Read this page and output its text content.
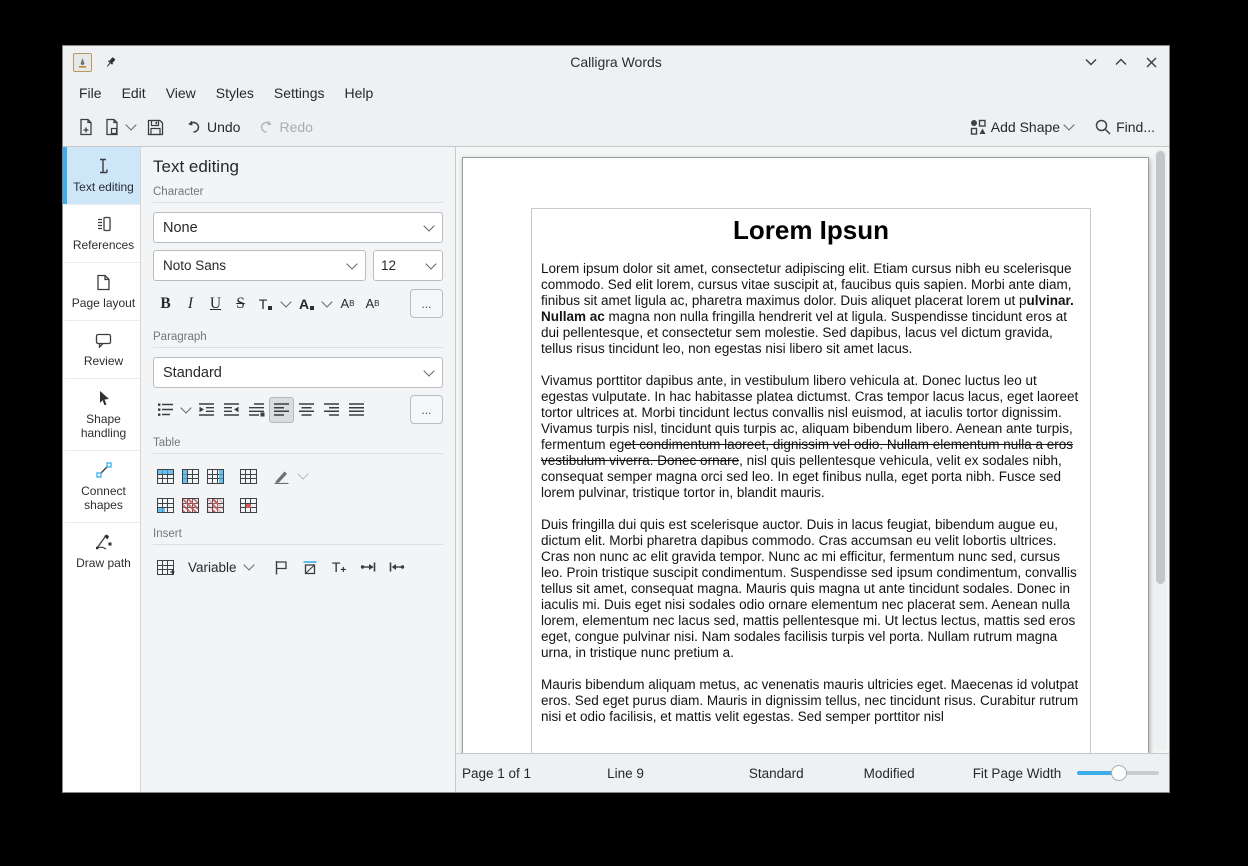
Calligra Words
File	Edit	View	Styles	Settings	Help
Undo	Redo	Add Shape	Find...
Text editing
References
Page layout
Review
Shape handling
Connect shapes
Draw path
Text editing
Character
None
Noto Sans	12
B	I	U S T A A B A B	...
Paragraph
Standard
...
Table
Insert
+ Variable	T +
Lorem Ipsun

Lorem ipsum dolor sit amet, consectetur adipiscing elit. Etiam cursus nibh eu scelerisque commodo. Sed elit lorem, cursus vitae suscipit at, faucibus quis sapien. Morbi ante diam, finibus sit amet ligula ac, pharetra maximus dolor. Duis aliquet placerat lorem ut pulvinar. Nullam ac magna non nulla fringilla hendrerit vel at ligula. Suspendisse tincidunt eros at dui pellentesque, et consectetur sem molestie. Sed dapibus, lacus vel dictum gravida, tellus risus tincidunt leo, non egestas nisi libero sit amet lacus.

Vivamus porttitor dapibus ante, in vestibulum libero vehicula at. Donec luctus leo ut egestas vulputate. In hac habitasse platea dictumst. Cras tempor lacus lacus, eget laoreet tortor ultrices at. Morbi tincidunt lectus convallis nisl euismod, at iaculis tortor dignissim. Vivamus turpis nisl, tincidunt quis turpis ac, aliquam bibendum libero. Aenean ante turpis, fermentum eget condimentum laoreet, dignissim vel odio. Nullam elementum nulla a eros vestibulum viverra. Donec ornare, nisl quis pellentesque vehicula, velit ex sodales nibh, consequat semper magna orci sed leo. In eget finibus nulla, eget porta nibh. Fusce sed lorem pulvinar, tristique tortor in, blandit mauris.

Duis fringilla dui quis est scelerisque auctor. Duis in lacus feugiat, bibendum augue eu, dictum elit. Morbi pharetra dapibus commodo. Cras accumsan eu velit lobortis ultrices. Cras non nunc ac elit gravida tempor. Nunc ac mi efficitur, fermentum nunc sed, cursus leo. Proin tristique suscipit condimentum. Suspendisse sed ipsum condimentum, convallis tellus sit amet, consequat magna. Mauris quis magna ut ante tincidunt sodales. Donec in iaculis mi. Duis eget nisi sodales odio ornare elementum nec placerat sem. Aenean nulla lorem, elementum nec lacus sed, mattis pellentesque mi. Ut lectus lectus, mattis sed eros eget, congue pulvinar nisi. Nam sodales facilisis turpis vel porta. Nullam rutrum magna urna, in tristique nunc pretium a.

Mauris bibendum aliquam metus, ac venenatis mauris ultricies eget. Maecenas id volutpat eros. Sed eget purus diam. Mauris in dignissim tellus, nec tincidunt risus. Curabitur rutrum nisi et odio facilisis, et mattis velit egestas. Sed semper porttitor nisl

Page 1 of 1	Line 9	Standard	Modified	Fit Page Width
